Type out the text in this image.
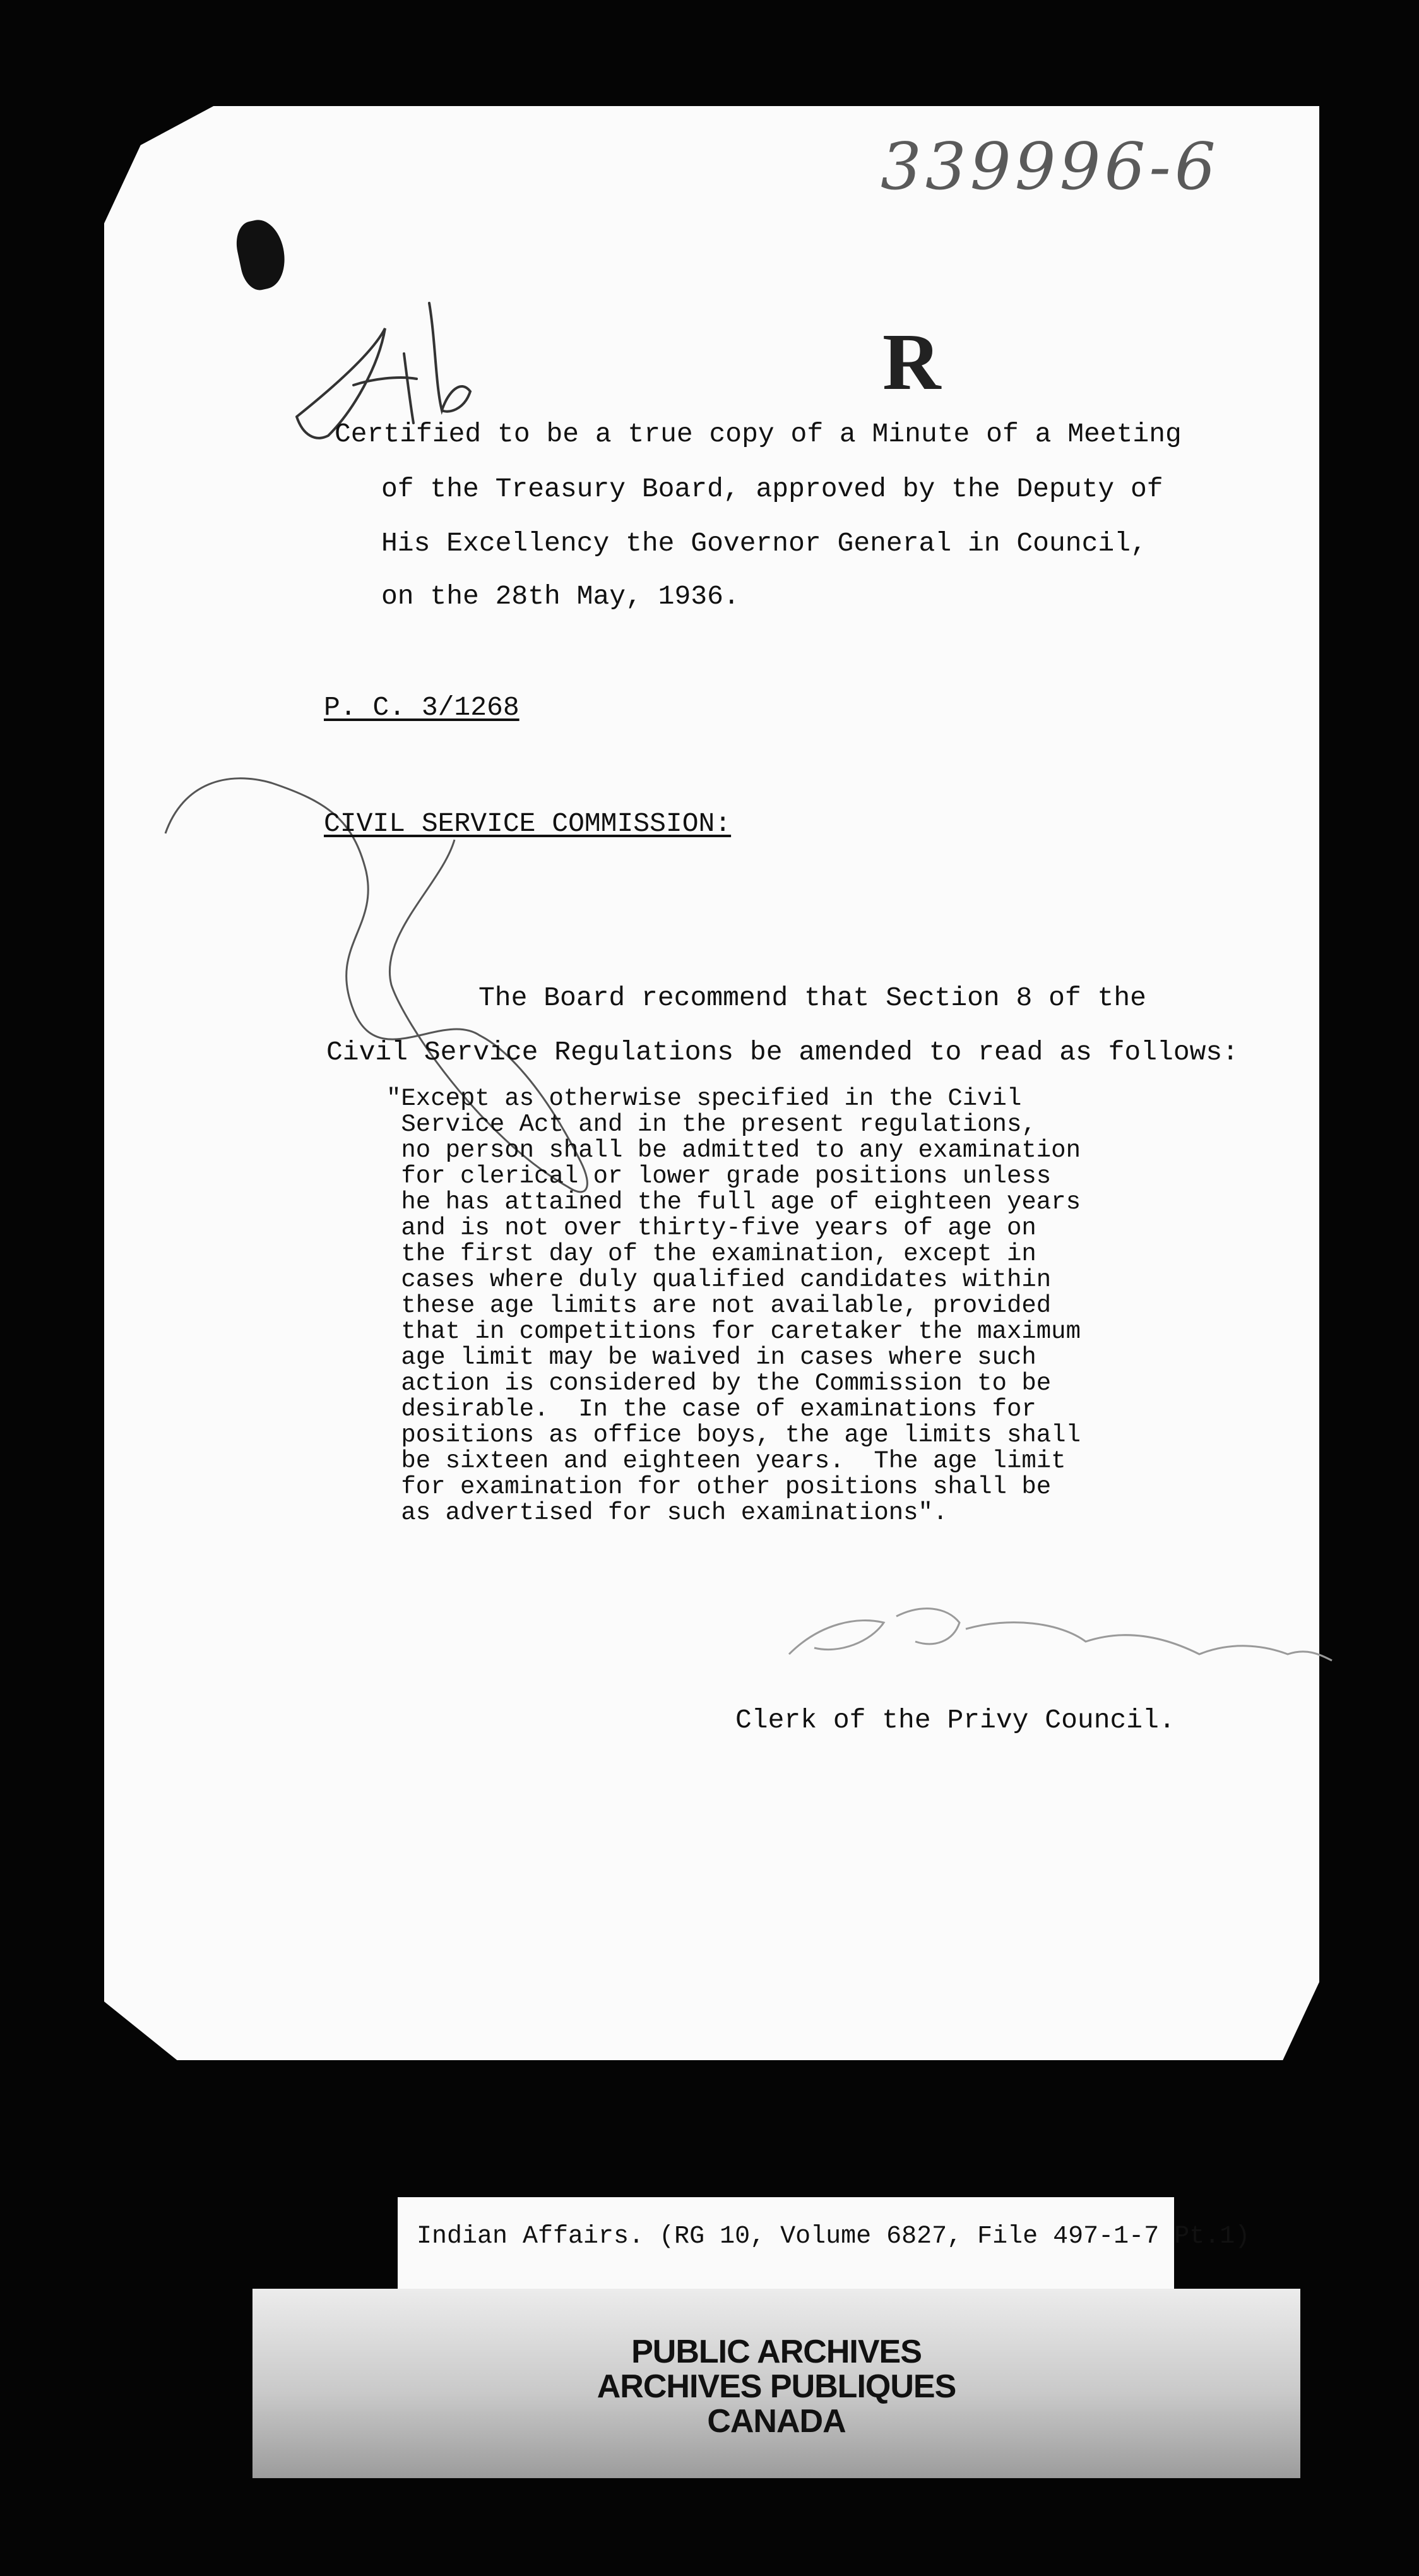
339996-6
R
Certified to be a true copy of a Minute of a Meeting
of the Treasury Board, approved by the Deputy of
His Excellency the Governor General in Council,
on the 28th May, 1936.
P. C. 3/1268
CIVIL SERVICE COMMISSION:
The Board recommend that Section 8 of the
Civil Service Regulations be amended to read as follows:
"Except as otherwise specified in the Civil
Service Act and in the present regulations,
no person shall be admitted to any examination
for clerical or lower grade positions unless
he has attained the full age of eighteen years
and is not over thirty-five years of age on
the first day of the examination, except in
cases where duly qualified candidates within
these age limits are not available, provided
that in competitions for caretaker the maximum
age limit may be waived in cases where such
action is considered by the Commission to be
desirable.  In the case of examinations for
positions as office boys, the age limits shall
be sixteen and eighteen years.  The age limit
for examination for other positions shall be
as advertised for such examinations".
Clerk of the Privy Council.
PUBLIC ARCHIVES
ARCHIVES PUBLIQUES
CANADA
Indian Affairs. (RG 10, Volume 6827, File 497-1-7 Pt.1)
